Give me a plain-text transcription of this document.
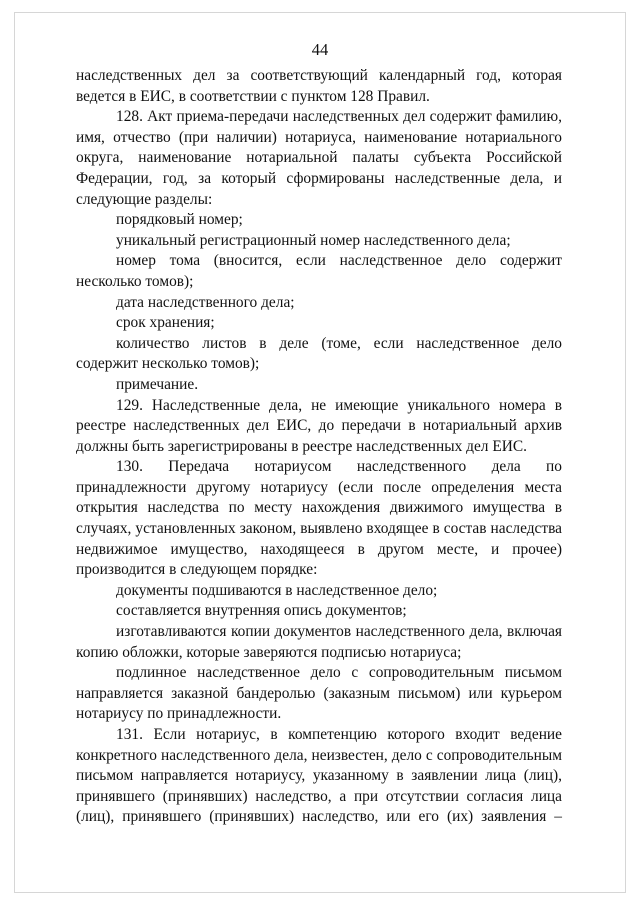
44

наследственных дел за соответствующий календарный год, которая ведется в ЕИС, в соответствии с пунктом 128 Правил.

128. Акт приема-передачи наследственных дел содержит фамилию, имя, отчество (при наличии) нотариуса, наименование нотариального округа, наименование нотариальной палаты субъекта Российской Федерации, год, за который сформированы наследственные дела, и следующие разделы:

порядковый номер;

уникальный регистрационный номер наследственного дела;

номер тома (вносится, если наследственное дело содержит несколько томов);

дата наследственного дела;

срок хранения;

количество листов в деле (томе, если наследственное дело содержит несколько томов);

примечание.

129. Наследственные дела, не имеющие уникального номера в реестре наследственных дел ЕИС, до передачи в нотариальный архив должны быть зарегистрированы в реестре наследственных дел ЕИС.

130. Передача нотариусом наследственного дела по принадлежности другому нотариусу (если после определения места открытия наследства по месту нахождения движимого имущества в случаях, установленных законом, выявлено входящее в состав наследства недвижимое имущество, находящееся в другом месте, и прочее) производится в следующем порядке:

документы подшиваются в наследственное дело;

составляется внутренняя опись документов;

изготавливаются копии документов наследственного дела, включая копию обложки, которые заверяются подписью нотариуса;

подлинное наследственное дело с сопроводительным письмом направляется заказной бандеролью (заказным письмом) или курьером нотариусу по принадлежности.

131. Если нотариус, в компетенцию которого входит ведение конкретного наследственного дела, неизвестен, дело с сопроводительным письмом направляется нотариусу, указанному в заявлении лица (лиц), принявшего (принявших) наследство, а при отсутствии согласия лица (лиц), принявшего (принявших) наследство, или его (их) заявления –
